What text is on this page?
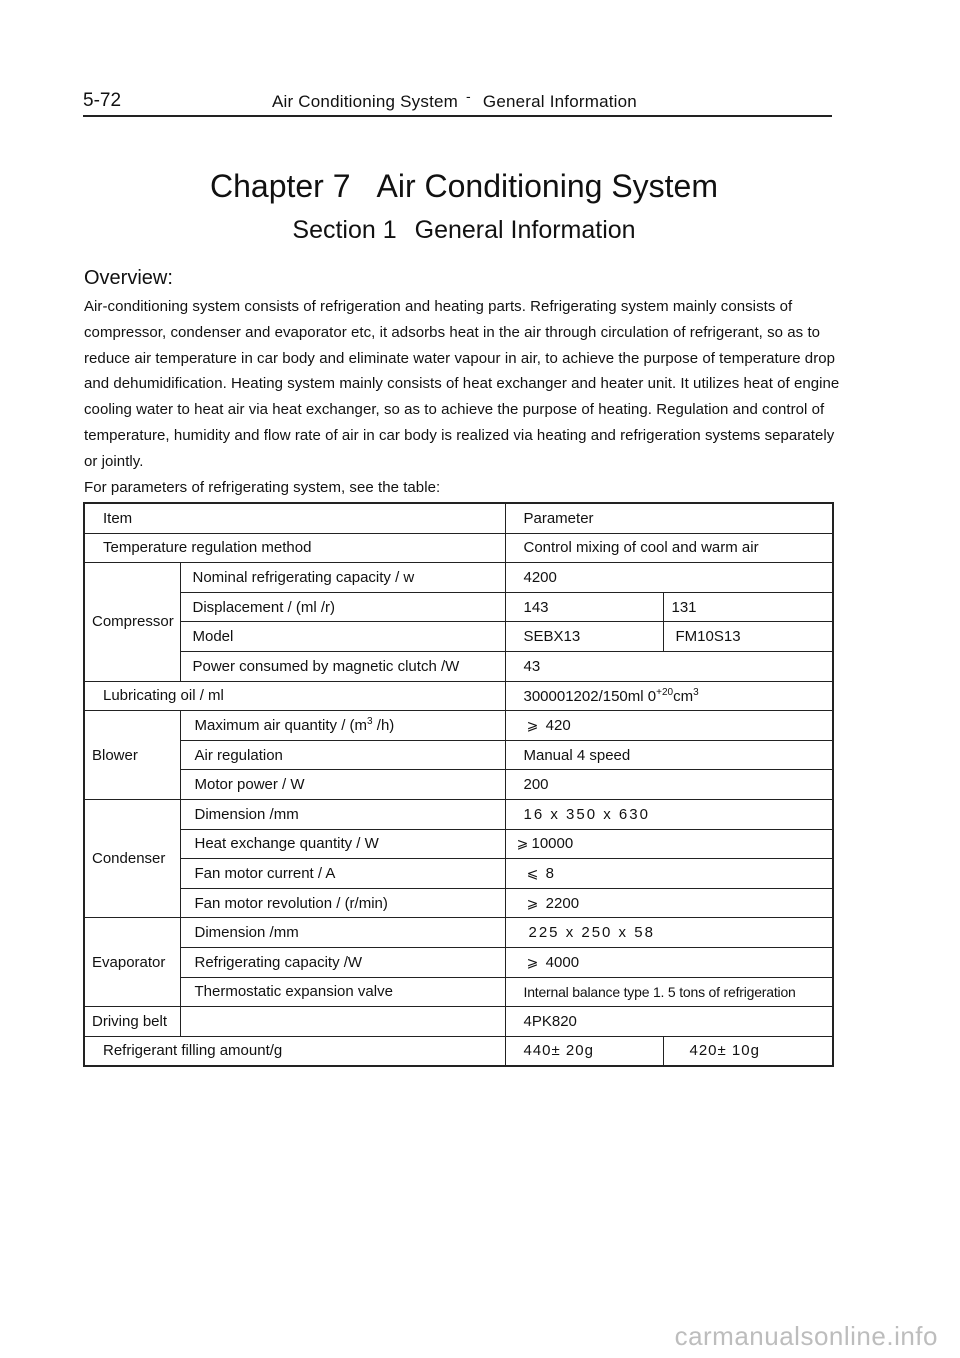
5-72	Air Conditioning System - General Information
Chapter 7 Air Conditioning System
Section 1 General Information
Overview:

Air-conditioning system consists of refrigeration and heating parts. Refrigerating system mainly consists of

compressor, condenser and evaporator etc, it adsorbs heat in the air through circulation of refrigerant, so as to

reduce air temperature in car body and eliminate water vapour in air, to achieve the purpose of temperature drop

and dehumidification. Heating system mainly consists of heat exchanger and heater unit. It utilizes heat of engine

cooling water to heat air via heat exchanger, so as to achieve the purpose of heating. Regulation and control of

temperature, humidity and flow rate of air in car body is realized via heating and refrigeration systems separately

or jointly.

For parameters of refrigerating system, see the table:

Item		Parameter	
Temperature regulation method		Control mixing of cool and warm air	
Compressor	Nominal refrigerating capacity / w	4200	
	Displacement / (ml /r)	143	131
	Model	SEBX13	FM10S13
	Power consumed by magnetic clutch /W	43	
Lubricating oil / ml		300001202/150ml $0^{+20}cm^3$
Blower	Maximum air quantity / ($m^3$ /h)	⩾ 420	
	Air regulation	Manual 4 speed	
	Motor power / W	200	
Condenser	Dimension /mm	16 x 350 x 630	
	Heat exchange quantity / W	⩾ 10000	
	Fan motor current / A	⩽ 8	
	Fan motor revolution / (r/min)	⩾ 2200	
Evaporator	Dimension /mm	225 x 250 x 58	
	Refrigerating capacity /W	⩾ 4000	
	Thermostatic expansion valve	Internal balance type 1. 5 tons of refrigeration	
Driving belt		4PK820	
Refrigerant filling amount/g		440± 20g	420± 10g
carmanualsonline.info
